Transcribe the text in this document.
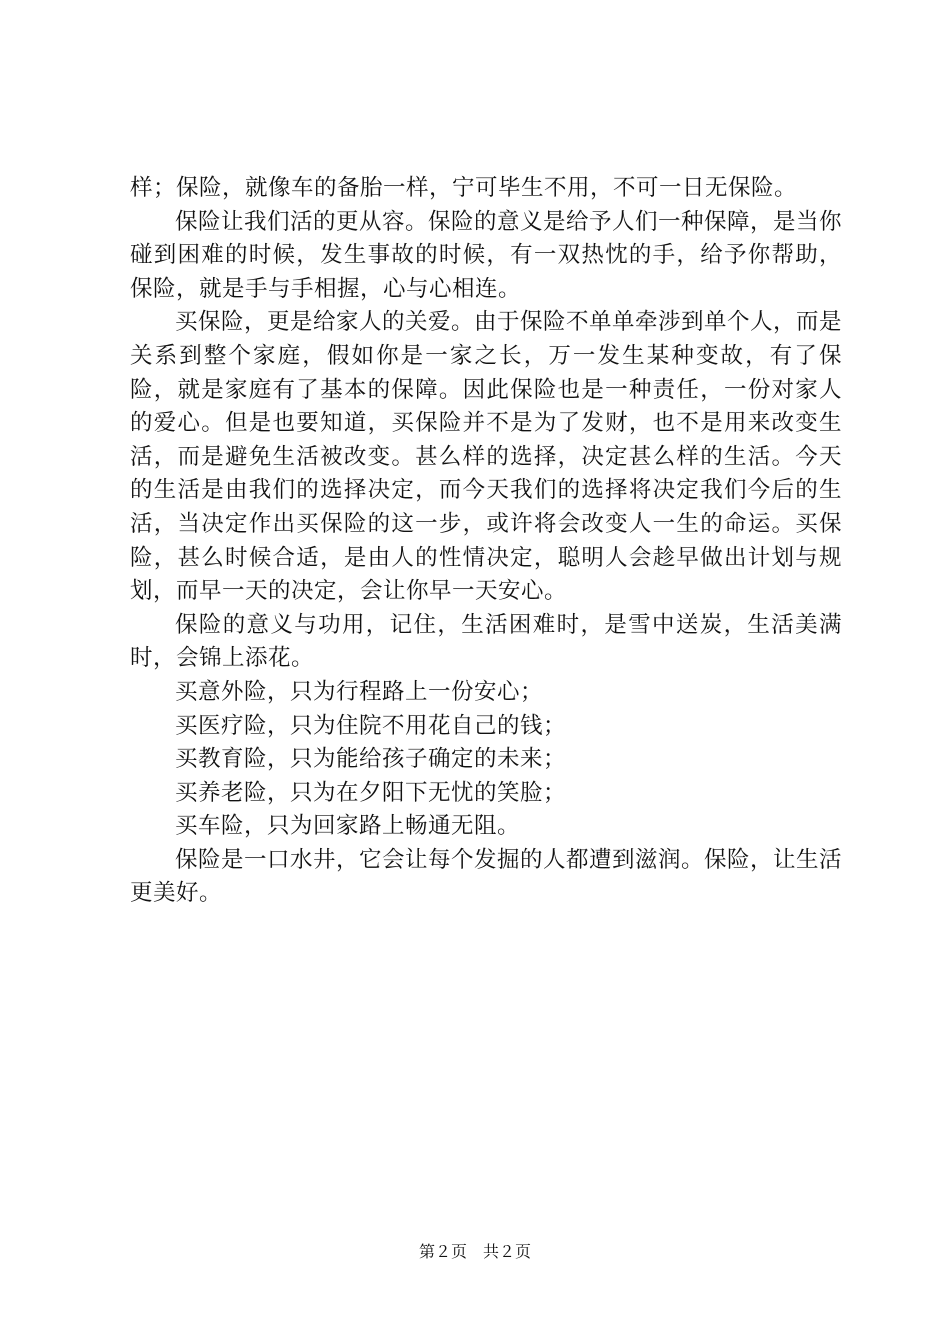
样；保险，就像车的备胎一样，宁可毕生不用，不可一日无保险。

保险让我们活的更从容。保险的意义是给予人们一种保障，是当你碰到困难的时候，发生事故的时候，有一双热忱的手，给予你帮助，保险，就是手与手相握，心与心相连。

买保险，更是给家人的关爱。由于保险不单单牵涉到单个人，而是关系到整个家庭，假如你是一家之长，万一发生某种变故，有了保险，就是家庭有了基本的保障。因此保险也是一种责任，一份对家人的爱心。但是也要知道，买保险并不是为了发财，也不是用来改变生活，而是避免生活被改变。甚么样的选择，决定甚么样的生活。今天的生活是由我们的选择决定，而今天我们的选择将决定我们今后的生活，当决定作出买保险的这一步，或许将会改变人一生的命运。买保险，甚么时候合适，是由人的性情决定，聪明人会趁早做出计划与规划，而早一天的决定，会让你早一天安心。

保险的意义与功用，记住，生活困难时，是雪中送炭，生活美满时，会锦上添花。

买意外险，只为行程路上一份安心；

买医疗险，只为住院不用花自己的钱；

买教育险，只为能给孩子确定的未来；

买养老险，只为在夕阳下无忧的笑脸；

买车险，只为回家路上畅通无阻。

保险是一口水井，它会让每个发掘的人都遭到滋润。保险，让生活更美好。

第２页　共２页
